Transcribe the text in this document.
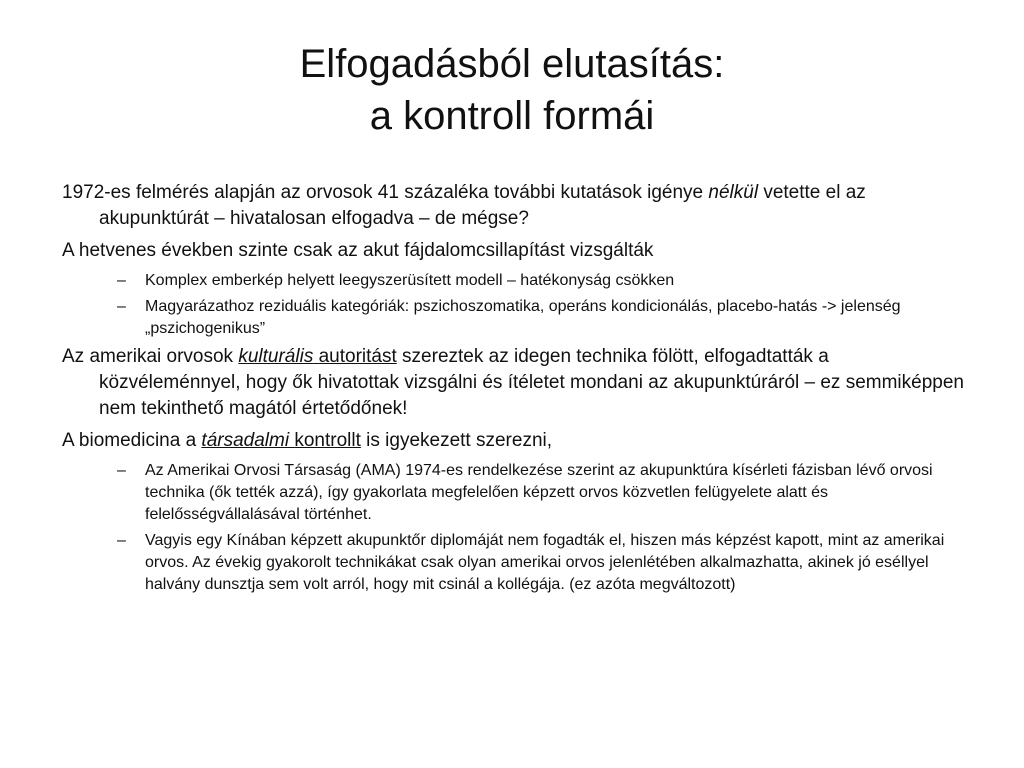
Elfogadásból elutasítás:
a kontroll formái
1972-es felmérés alapján az orvosok 41 százaléka további kutatások igénye nélkül vetette el az akupunktúrát – hivatalosan elfogadva – de mégse?
A hetvenes években szinte csak az akut fájdalomcsillapítást vizsgálták
– Komplex emberkép helyett leegyszerüsített modell – hatékonyság csökken
– Magyarázathoz reziduális kategóriák: pszichoszomatika, operáns kondicionálás, placebo-hatás -> jelenség „pszichogenikus”
Az amerikai orvosok kulturális autoritást szereztek az idegen technika fölött, elfogadtatták a közvéleménnyel, hogy ők hivatottak vizsgálni és ítéletet mondani az akupunktúráról – ez semmiképpen nem tekinthető magától értetődőnek!
A biomedicina a társadalmi kontrollt is igyekezett szerezni,
– Az Amerikai Orvosi Társaság (AMA) 1974-es rendelkezése szerint az akupunktúra kísérleti fázisban lévő orvosi technika (ők tették azzá), így gyakorlata megfelelően képzett orvos közvetlen felügyelete alatt és felelősségvállalásával történhet.
– Vagyis egy Kínában képzett akupunktőr diplomáját nem fogadták el, hiszen más képzést kapott, mint az amerikai orvos. Az évekig gyakorolt technikákat csak olyan amerikai orvos jelenlétében alkalmazhatta, akinek jó eséllyel halvány dunsztja sem volt arról, hogy mit csinál a kollégája. (ez azóta megváltozott)
